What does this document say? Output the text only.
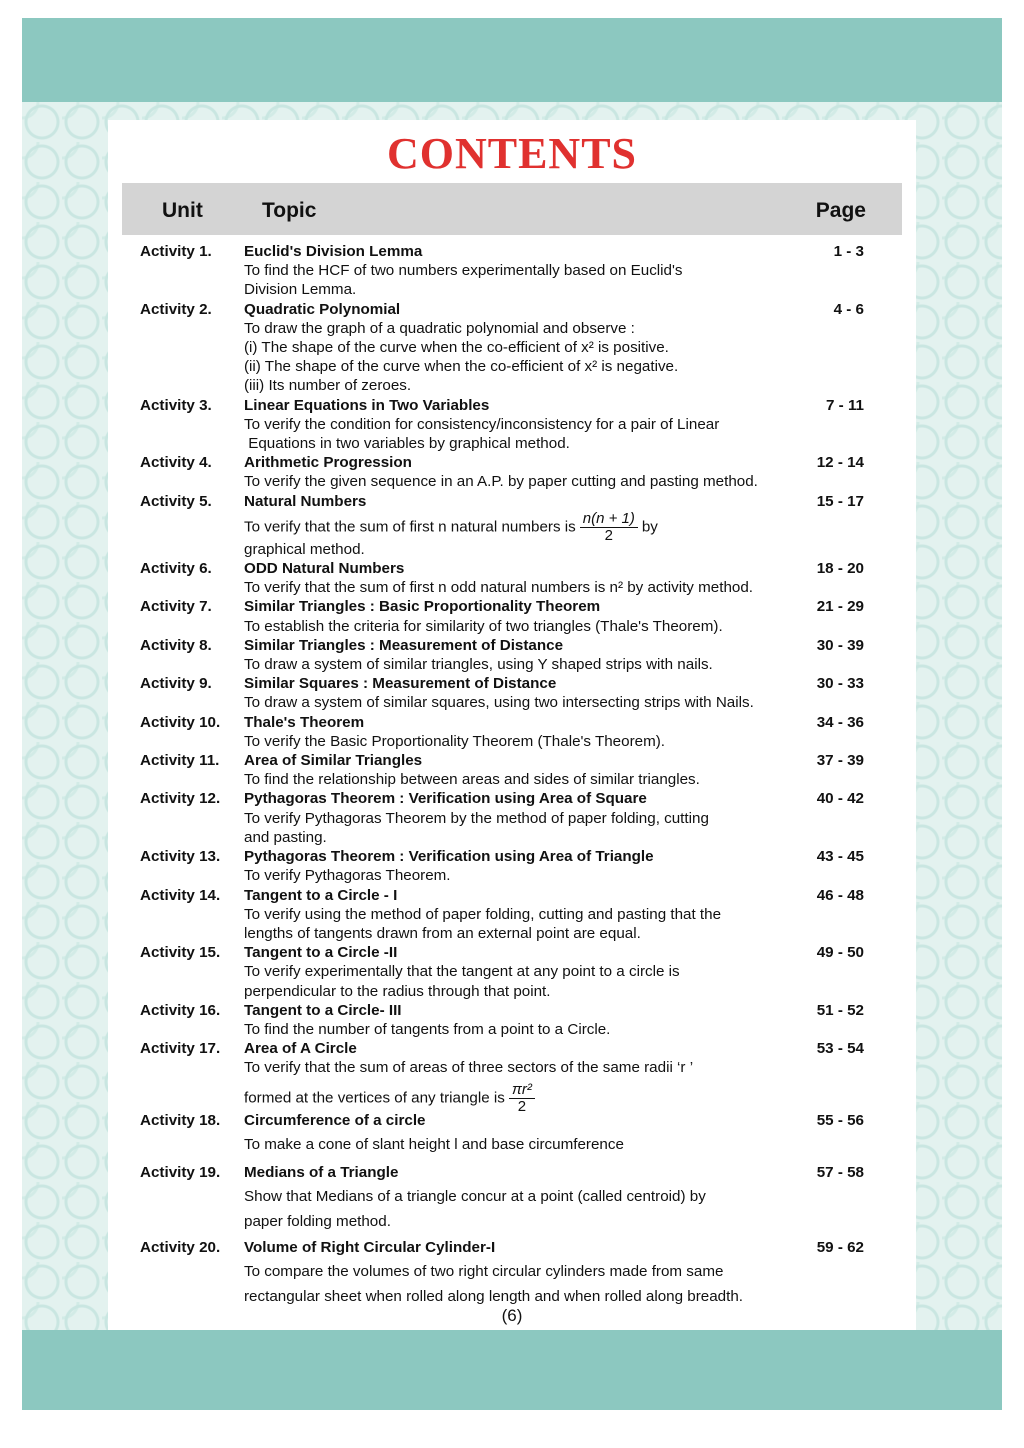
CONTENTS
Unit	Topic	Page
Activity 1. Euclid's Division Lemma
To find the HCF of two numbers experimentally based on Euclid's
Division Lemma.
1 - 3
Activity 2. Quadratic Polynomial
To draw the graph of a quadratic polynomial and observe :
(i) The shape of the curve when the co-efficient of x² is positive.
(ii) The shape of the curve when the co-efficient of x² is negative.
(iii) Its number of zeroes.
4 - 6
Activity 3. Linear Equations in Two Variables
To verify the condition for consistency/inconsistency for a pair of Linear
Equations in two variables by graphical method.
7 - 11
Activity 4. Arithmetic Progression
To verify the given sequence in an A.P. by paper cutting and pasting method.
12 - 14
Activity 5. Natural Numbers
To verify that the sum of first n natural numbers is $\frac{n(n + 1)}{2}$ by
graphical method.
15 - 17
Activity 6. ODD Natural Numbers
To verify that the sum of first n odd natural numbers is n² by activity method.
18 - 20
Activity 7. Similar Triangles : Basic Proportionality Theorem
To establish the criteria for similarity of two triangles (Thale's Theorem).
21 - 29
Activity 8. Similar Triangles : Measurement of Distance
To draw a system of similar triangles, using Y shaped strips with nails.
30 - 39
Activity 9. Similar Squares : Measurement of Distance
To draw a system of similar squares, using two intersecting strips with Nails.
30 - 33
Activity 10. Thale's Theorem
To verify the Basic Proportionality Theorem (Thale's Theorem).
34 - 36
Activity 11. Area of Similar Triangles
To find the relationship between areas and sides of similar triangles.
37 - 39
Activity 12. Pythagoras Theorem : Verification using Area of Square
To verify Pythagoras Theorem by the method of paper folding, cutting
and pasting.
40 - 42
Activity 13. Pythagoras Theorem : Verification using Area of Triangle
To verify Pythagoras Theorem.
43 - 45
Activity 14. Tangent to a Circle - I
To verify using the method of paper folding, cutting and pasting that the
lengths of tangents drawn from an external point are equal.
46 - 48
Activity 15. Tangent to a Circle -II
To verify experimentally that the tangent at any point to a circle is
perpendicular to the radius through that point.
49 - 50
Activity 16. Tangent to a Circle- III
To find the number of tangents from a point to a Circle.
51 - 52
Activity 17. Area of A Circle
To verify that the sum of areas of three sectors of the same radii ‘r ’
formed at the vertices of any triangle is $\frac{\text{πr²}}{2}$
53 - 54
Activity 18. Circumference of a circle
To make a cone of slant height l and base circumference
55 - 56
Activity 19. Medians of a Triangle
Show that Medians of a triangle concur at a point (called centroid) by
paper folding method.
57 - 58
Activity 20. Volume of Right Circular Cylinder-I
To compare the volumes of two right circular cylinders made from same
rectangular sheet when rolled along length and when rolled along breadth.
59 - 62
(6)
